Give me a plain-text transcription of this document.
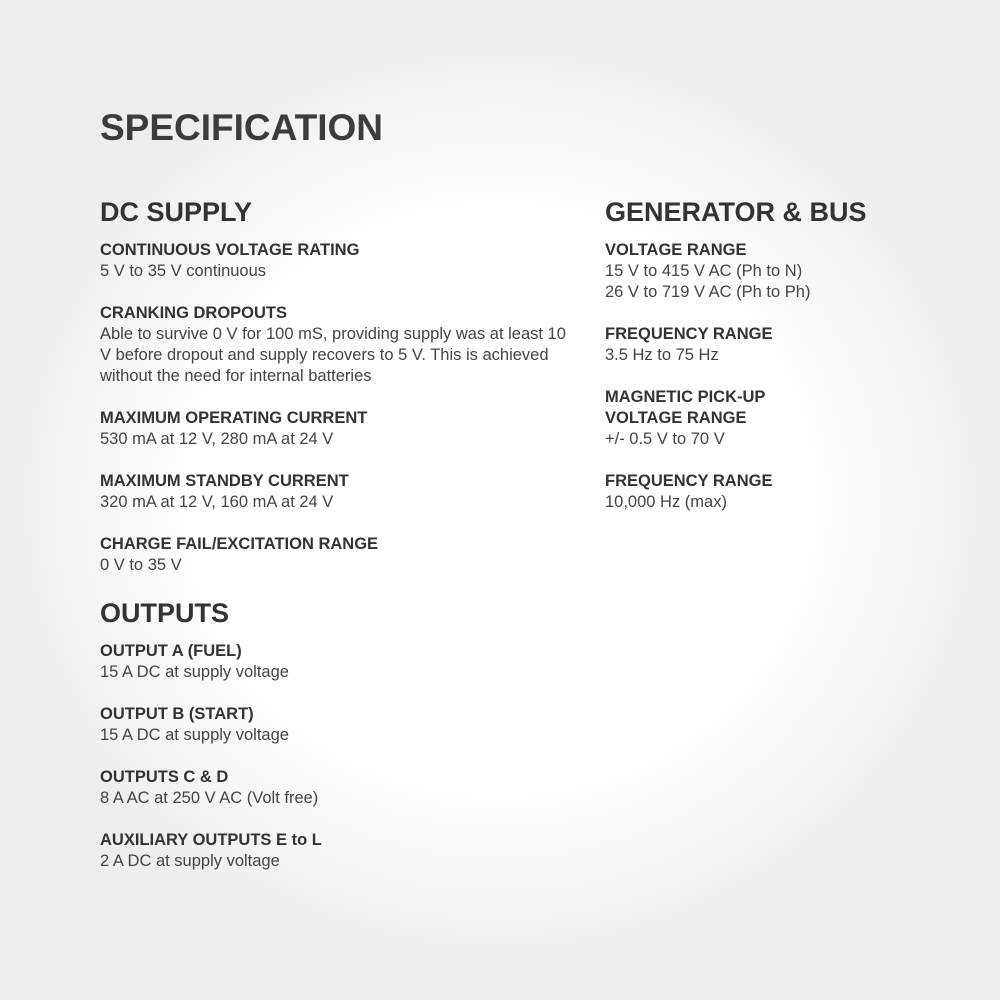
SPECIFICATION
DC SUPPLY
CONTINUOUS VOLTAGE RATING
5 V to 35 V continuous
CRANKING DROPOUTS
Able to survive 0 V for 100 mS, providing supply was at least 10 V before dropout and supply recovers to 5 V. This is achieved without the need for internal batteries
MAXIMUM OPERATING CURRENT
530 mA at 12 V, 280 mA at 24 V
MAXIMUM STANDBY CURRENT
320 mA at 12 V, 160 mA at 24 V
CHARGE FAIL/EXCITATION RANGE
0 V to 35 V
OUTPUTS
OUTPUT A (FUEL)
15 A DC at supply voltage
OUTPUT B (START)
15 A DC at supply voltage
OUTPUTS C & D
8 A AC at 250 V AC (Volt free)
AUXILIARY OUTPUTS E to L
2 A DC at supply voltage
GENERATOR & BUS
VOLTAGE RANGE
15 V to 415 V AC (Ph to N)
26 V to 719 V AC (Ph to Ph)
FREQUENCY RANGE
3.5 Hz to 75 Hz
MAGNETIC PICK-UP
VOLTAGE RANGE
+/- 0.5 V to 70 V
FREQUENCY RANGE
10,000 Hz (max)
